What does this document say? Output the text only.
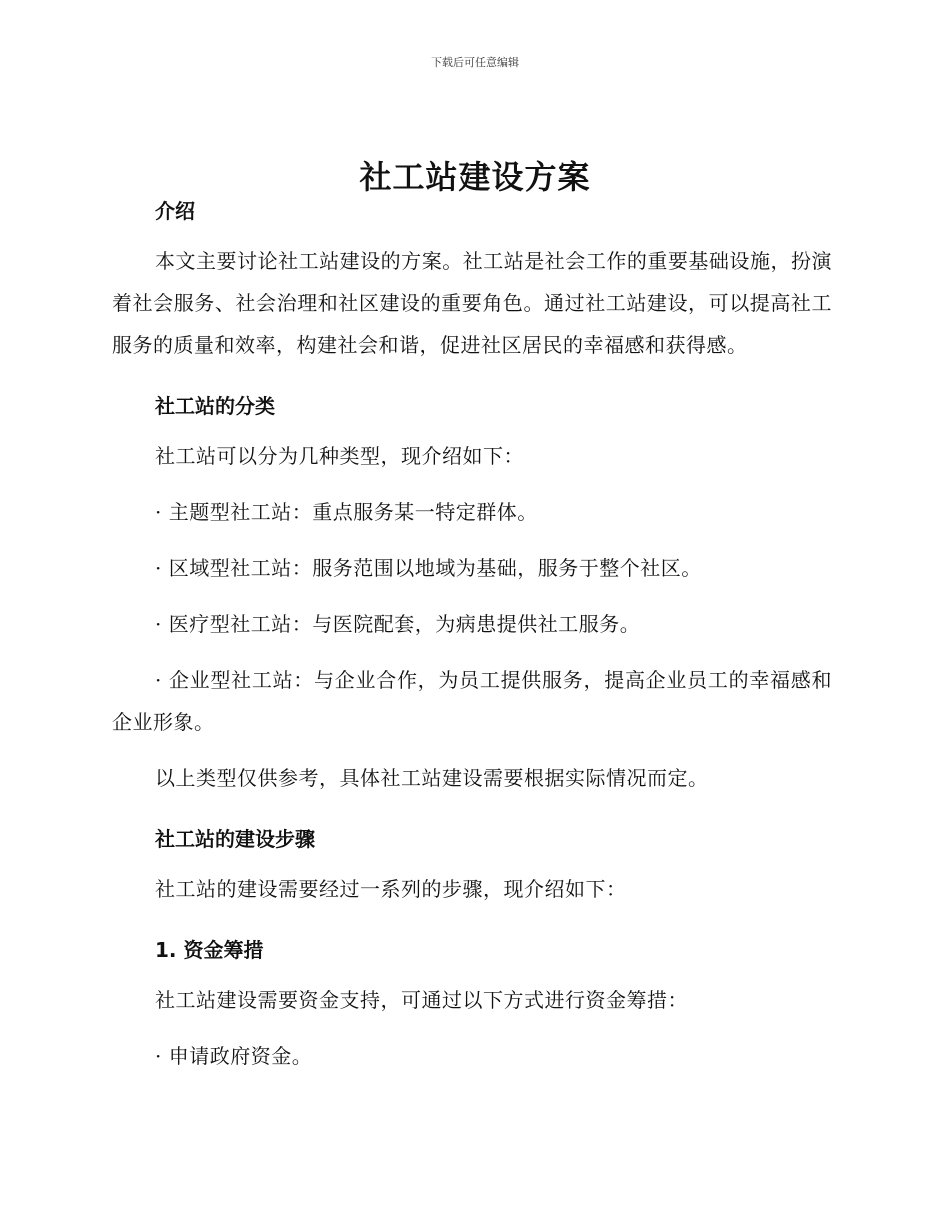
下载后可任意编辑
社工站建设方案
介绍

本文主要讨论社工站建设的方案。社工站是社会工作的重要基础设施，扮演着社会服务、社会治理和社区建设的重要角色。通过社工站建设，可以提高社工服务的质量和效率，构建社会和谐，促进社区居民的幸福感和获得感。

社工站的分类

社工站可以分为几种类型，现介绍如下：

· 主题型社工站：重点服务某一特定群体。

· 区域型社工站：服务范围以地域为基础，服务于整个社区。

· 医疗型社工站：与医院配套，为病患提供社工服务。

· 企业型社工站：与企业合作，为员工提供服务，提高企业员工的幸福感和企业形象。

以上类型仅供参考，具体社工站建设需要根据实际情况而定。

社工站的建设步骤

社工站的建设需要经过一系列的步骤，现介绍如下：

1. 资金筹措

社工站建设需要资金支持，可通过以下方式进行资金筹措：

· 申请政府资金。
